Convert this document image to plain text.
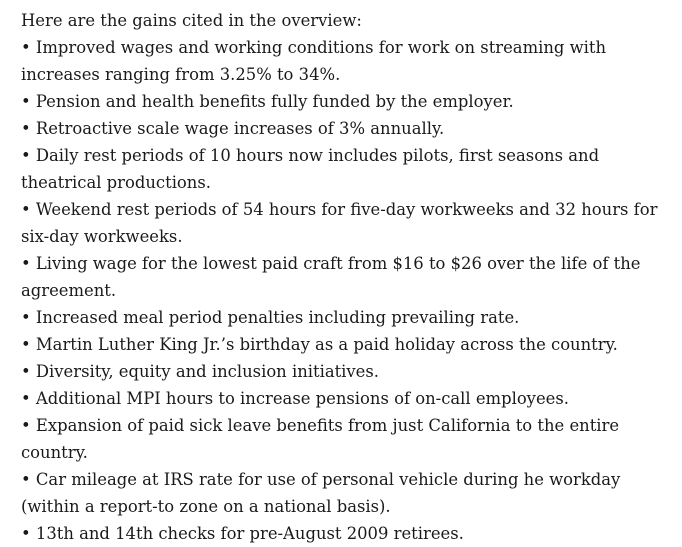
Here are the gains cited in the overview:

• Improved wages and working conditions for work on streaming with increases ranging from 3.25% to 34%.
• Pension and health benefits fully funded by the employer.
• Retroactive scale wage increases of 3% annually.
• Daily rest periods of 10 hours now includes pilots, first seasons and theatrical productions.
• Weekend rest periods of 54 hours for five-day workweeks and 32 hours for six-day workweeks.
• Living wage for the lowest paid craft from $16 to $26 over the life of the agreement.
• Increased meal period penalties including prevailing rate.
• Martin Luther King Jr.’s birthday as a paid holiday across the country.
• Diversity, equity and inclusion initiatives.
• Additional MPI hours to increase pensions of on-call employees.
• Expansion of paid sick leave benefits from just California to the entire country.
• Car mileage at IRS rate for use of personal vehicle during he workday (within a report-to zone on a national basis).
• 13th and 14th checks for pre-August 2009 retirees.
